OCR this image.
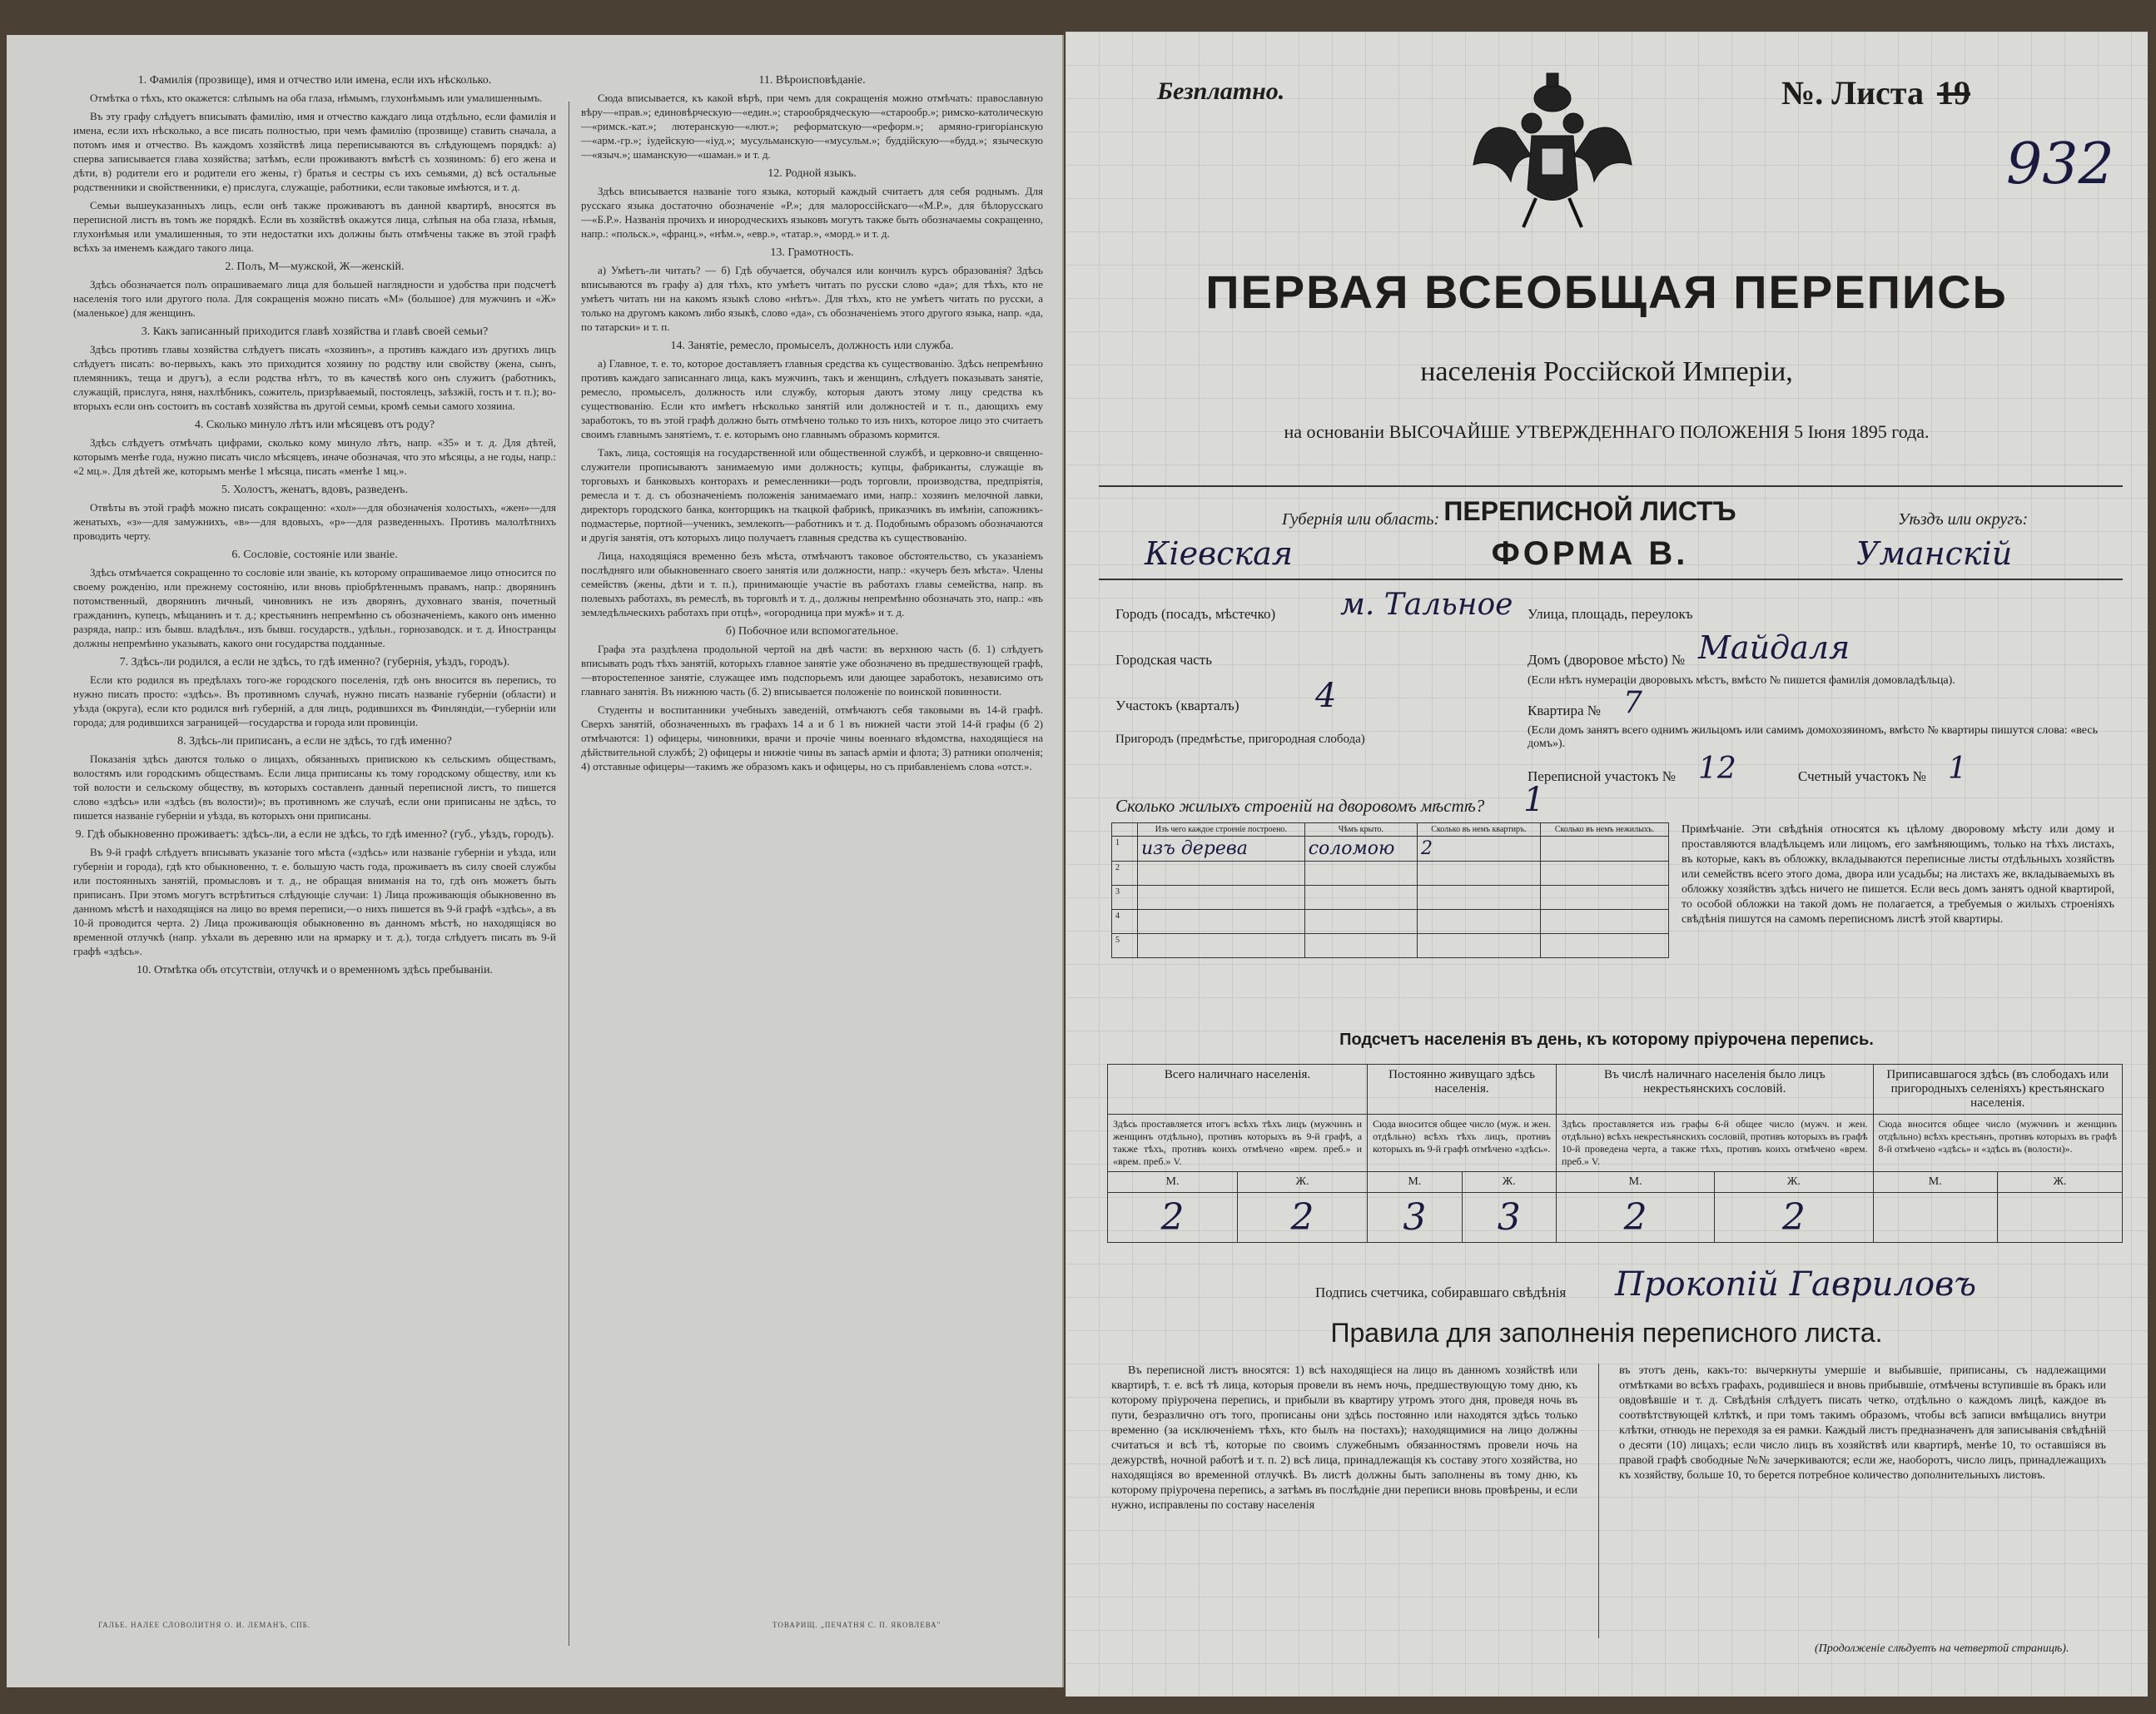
1. Фамилія (прозвище), имя и отчество или имена, если ихъ нѣсколько.

Отмѣтка о тѣхъ, кто окажется: слѣпымъ на оба глаза, нѣмымъ, глухонѣмымъ или умалишеннымъ.

Въ эту графу слѣдуетъ вписывать фамилію, имя и отчество каждаго лица отдѣльно, если фамилія и имена, если ихъ нѣсколько, а все писать полностью, при чемъ фамилію (прозвище) ставить сначала, а потомъ имя и отчество. Въ каждомъ хозяйствѣ лица переписываются въ слѣдующемъ порядкѣ: а) сперва записывается глава хозяйства; затѣмъ, если проживаютъ вмѣстѣ съ хозяиномъ: б) его жена и дѣти, в) родители его и родители его жены, г) братья и сестры съ ихъ семьями, д) всѣ остальные родственники и свойственники, е) прислуга, служащіе, работники, если таковые имѣются, и т. д.

Семьи вышеуказанныхъ лицъ, если онѣ также проживаютъ въ данной квартирѣ, вносятся въ переписной листъ въ томъ же порядкѣ. Если въ хозяйствѣ окажутся лица, слѣпыя на оба глаза, нѣмыя, глухонѣмыя или умалишенныя, то эти недостатки ихъ должны быть отмѣчены также въ этой графѣ всѣхъ за именемъ каждаго такого лица.

2. Полъ, М—мужской, Ж—женскій.

Здѣсь обозначается полъ опрашиваемаго лица для большей наглядности и удобства при подсчетѣ населенія того или другого пола. Для сокращенія можно писать «М» (большое) для мужчинъ и «Ж» (маленькое) для женщинъ.

3. Какъ записанный приходится главѣ хозяйства и главѣ своей семьи?

Здѣсь противъ главы хозяйства слѣдуетъ писать «хозяинъ», а противъ каждаго изъ другихъ лицъ слѣдуетъ писать: во-первыхъ, какъ это приходится хозяину по родству или свойству (жена, сынъ, племянникъ, теща и другъ), а если родства нѣтъ, то въ качествѣ кого онъ служитъ (работникъ, служащій, прислуга, няня, нахлѣбникъ, сожитель, призрѣваемый, постоялецъ, заѣзжій, гость и т. п.); во-вторыхъ если онъ состоитъ въ составѣ хозяйства въ другой семьи, кромѣ семьи самого хозяина.

4. Сколько минуло лѣтъ или мѣсяцевъ отъ роду?

Здѣсь слѣдуетъ отмѣчать цифрами, сколько кому минуло лѣтъ, напр. «35» и т. д. Для дѣтей, которымъ менѣе года, нужно писать число мѣсяцевъ, иначе обозначая, что это мѣсяцы, а не годы, напр.: «2 мц.». Для дѣтей же, которымъ менѣе 1 мѣсяца, писать «менѣе 1 мц.».

5. Холостъ, женатъ, вдовъ, разведенъ.

Отвѣты въ этой графѣ можно писать сокращенно: «хол»—для обозначенія холостыхъ, «жен»—для женатыхъ, «з»—для замужнихъ, «в»—для вдовыхъ, «р»—для разведенныхъ. Противъ малолѣтнихъ проводить черту.

6. Сословіе, состояніе или званіе.

Здѣсь отмѣчается сокращенно то сословіе или званіе, къ которому опрашиваемое лицо относится по своему рожденію, или прежнему состоянію, или вновь пріобрѣтеннымъ правамъ, напр.: дворянинъ потомственный, дворянинъ личный, чиновникъ не изъ дворянъ, духовнаго званія, почетный гражданинъ, купецъ, мѣщанинъ и т. д.; крестьянинъ непремѣнно съ обозначеніемъ, какого онъ именно разряда, напр.: изъ бывш. владѣльч., изъ бывш. государств., удѣльн., горнозаводск. и т. д. Иностранцы должны непремѣнно указывать, какого они государства подданные.

7. Здѣсь-ли родился, а если не здѣсь, то гдѣ именно? (губернія, уѣздъ, городъ).

Если кто родился въ предѣлахъ того-же городского поселенія, гдѣ онъ вносится въ перепись, то нужно писать просто: «здѣсь». Въ противномъ случаѣ, нужно писать названіе губерніи (области) и уѣзда (округа), если кто родился внѣ губерній, а для лицъ, родившихся въ Финляндіи,—губерніи или города; для родившихся заграницей—государства и города или провинціи.

8. Здѣсь-ли приписанъ, а если не здѣсь, то гдѣ именно?

Показанія здѣсь даются только о лицахъ, обязанныхъ припискою къ сельскимъ обществамъ, волостямъ или городскимъ обществамъ. Если лица приписаны къ тому городскому обществу, или къ той волости и сельскому обществу, въ которыхъ составленъ данный переписной листъ, то пишется слово «здѣсь» или «здѣсь (въ волости)»; въ противномъ же случаѣ, если они приписаны не здѣсь, то пишется названіе губерніи и уѣзда, въ которыхъ они приписаны.

9. Гдѣ обыкновенно проживаетъ: здѣсь-ли, а если не здѣсь, то гдѣ именно? (губ., уѣздъ, городъ).

Въ 9-й графѣ слѣдуетъ вписывать указаніе того мѣста («здѣсь» или названіе губерніи и уѣзда, или губерніи и города), гдѣ кто обыкновенно, т. е. большую часть года, проживаетъ въ силу своей службы или постоянныхъ занятій, промысловъ и т. д., не обращая вниманія на то, гдѣ онъ можетъ быть приписанъ. При этомъ могутъ встрѣтиться слѣдующіе случаи: 1) Лица проживающія обыкновенно въ данномъ мѣстѣ и находящіяся на лицо во время переписи,—о нихъ пишется въ 9-й графѣ «здѣсь», а въ 10-й проводится черта. 2) Лица проживающія обыкновенно въ данномъ мѣстѣ, но находящіяся во временной отлучкѣ (напр. уѣхали въ деревню или на ярмарку и т. д.), тогда слѣдуетъ писать въ 9-й графѣ «здѣсь».

10. Отмѣтка объ отсутствіи, отлучкѣ и о временномъ здѣсь пребываніи.
11. Вѣроисповѣданіе.

Сюда вписывается, къ какой вѣрѣ, при чемъ для сокращенія можно отмѣчать: православную вѣру—«прав.»; единовѣрческую—«един.»; старообрядческую—«старообр.»; римско-католическую—«римск.-кат.»; лютеранскую—«лют.»; реформатскую—«реформ.»; армяно-григоріанскую—«арм.-гр.»; іудейскую—«іуд.»; мусульманскую—«мусульм.»; буддійскую—«будд.»; языческую—«языч.»; шаманскую—«шаман.» и т. д.

12. Родной языкъ.

Здѣсь вписывается названіе того языка, который каждый считаетъ для себя роднымъ. Для русскаго языка достаточно обозначеніе «Р.»; для малороссійскаго—«М.Р.», для бѣлорусскаго—«Б.Р.». Названія прочихъ и инородческихъ языковъ могутъ также быть обозначаемы сокращенно, напр.: «польск.», «франц.», «нѣм.», «евр.», «татар.», «морд.» и т. д.

13. Грамотность.

а) Умѣетъ-ли читать? — б) Гдѣ обучается, обучался или кончилъ курсъ образованія? Здѣсь вписываются въ графу а) для тѣхъ, кто умѣетъ читать по русски слово «да»; для тѣхъ, кто не умѣетъ читать ни на какомъ языкѣ слово «нѣтъ». Для тѣхъ, кто не умѣетъ читать по русски, а только на другомъ какомъ либо языкѣ, слово «да», съ обозначеніемъ этого другого языка, напр. «да, по татарски» и т. п.

14. Занятіе, ремесло, промыселъ, должность или служба.

а) Главное, т. е. то, которое доставляетъ главныя средства къ существованію. Здѣсь непремѣнно противъ каждаго записаннаго лица, какъ мужчинъ, такъ и женщинъ, слѣдуетъ показывать занятіе, ремесло, промыселъ, должность или службу, которыя даютъ этому лицу средства къ существованію. Если кто имѣетъ нѣсколько занятій или должностей и т. п., дающихъ ему заработокъ, то въ этой графѣ должно быть отмѣчено только то изъ нихъ, которое лицо это считаетъ своимъ главнымъ занятіемъ, т. е. которымъ оно главнымъ образомъ кормится.

Такъ, лица, состоящія на государственной или общественной службѣ, и церковно-и священно-служители прописываютъ занимаемую ими должность; купцы, фабриканты, служащіе въ торговыхъ и банковыхъ конторахъ и ремесленники—родъ торговли, производства, предпріятія, ремесла и т. д. съ обозначеніемъ положенія занимаемаго ими, напр.: хозяинъ мелочной лавки, директоръ городского банка, конторщикъ на ткацкой фабрикѣ, приказчикъ въ имѣніи, сапожникъ-подмастерье, портной—ученикъ, землекопъ—работникъ и т. д. Подобнымъ образомъ обозначаются и другія занятія, отъ которыхъ лицо получаетъ главныя средства къ существованію.

Лица, находящіяся временно безъ мѣста, отмѣчаютъ таковое обстоятельство, съ указаніемъ послѣдняго или обыкновеннаго своего занятія или должности, напр.: «кучеръ безъ мѣста». Члены семействъ (жены, дѣти и т. п.), принимающіе участіе въ работахъ главы семейства, напр. въ полевыхъ работахъ, въ ремеслѣ, въ торговлѣ и т. д., должны непремѣнно обозначать это, напр.: «въ земледѣльческихъ работахъ при отцѣ», «огородница при мужѣ» и т. д.

б) Побочное или вспомогательное.

Графа эта раздѣлена продольной чертой на двѣ части: въ верхнюю часть (б. 1) слѣдуетъ вписывать родъ тѣхъ занятій, которыхъ главное занятіе уже обозначено въ предшествующей графѣ,—второстепенное занятіе, служащее имъ подспорьемъ или дающее заработокъ, независимо отъ главнаго занятія. Въ нижнюю часть (б. 2) вписывается положеніе по воинской повинности.

Студенты и воспитанники учебныхъ заведеній, отмѣчаютъ себя таковыми въ 14-й графѣ. Сверхъ занятій, обозначенныхъ въ графахъ 14 а и б 1 въ нижней части этой 14-й графы (б 2) отмѣчаются: 1) офицеры, чиновники, врачи и прочіе чины военнаго вѣдомства, находящіеся на дѣйствительной службѣ; 2) офицеры и нижніе чины въ запасѣ арміи и флота; 3) ратники ополченія; 4) отставные офицеры—такимъ же образомъ какъ и офицеры, но съ прибавленіемъ слова «отст.».

ГАЛЬЕ. НАЛЕЕ СЛОВОЛИТНЯ О. И. ЛЕМАНЪ, СПБ.	ТОВАРИЩ. „ПЕЧАТНЯ С. П. ЯКОВЛЕВА"
Безплатно.	№. Листа 19
932
ПЕРВАЯ ВСЕОБЩАЯ ПЕРЕПИСЬ
населенія Россійской Имперіи,
на основаніи ВЫСОЧАЙШЕ УТВЕРЖДЕННАГО ПОЛОЖЕНІЯ 5 Іюня 1895 года.
Губернія или область:
Кіевская
ПЕРЕПИСНОЙ ЛИСТЪ
ФОРМА В.
Уѣздъ или округъ:
Уманскій
Городъ (посадъ, мѣстечко) м. Тальное Улица, площадь, переулокъ
Городская часть	Домъ (дворовое мѣсто) № Майдаля
(Если нѣтъ нумераціи дворовыхъ мѣстъ, вмѣсто № пишется фамилія домовладѣльца).
Участокъ (кварталъ) 4	Квартира № 7
(Если домъ занятъ всего однимъ жильцомъ или самимъ домохозяиномъ, вмѣсто № квартиры пишутся слова: «весь домъ»).
Пригородъ (предмѣстье, пригородная слобода)
Переписной участокъ № 12	Счетный участокъ № 1
Сколько жилыхъ строеній на дворовомъ мѣстѣ? 1
	Изъ чего каждое строеніе построено.	Чѣмъ крыто.	Сколько въ немъ квартиръ.	Сколько въ немъ нежилыхъ.
1	изъ дерева	соломою	2	
2				
3				
4				
5				
Примѣчаніе. Эти свѣдѣнія относятся къ цѣлому дворовому мѣсту или дому и проставляются владѣльцемъ или лицомъ, его замѣняющимъ, только на тѣхъ листахъ, въ которые, какъ въ обложку, вкладываются переписные листы отдѣльныхъ хозяйствъ или семействъ всего этого дома, двора или усадьбы; на листахъ же, вкладываемыхъ въ обложку хозяйствъ здѣсь ничего не пишется. Если весь домъ занятъ одной квартирой, то особой обложки на такой домъ не полагается, а требуемыя о жилыхъ строеніяхъ свѣдѣнія пишутся на самомъ переписномъ листѣ этой квартиры.
Подсчетъ населенія въ день, къ которому пріурочена перепись.
Всего наличнаго населенія.		Постоянно живущаго здѣсь населенія.		Въ числѣ наличнаго населенія было лицъ некрестьянскихъ сословій.		Приписавшагося здѣсь (въ слободахъ или пригородныхъ селеніяхъ) крестьянскаго населенія.	
Здѣсь проставляется итогъ всѣхъ тѣхъ лицъ (мужчинъ и женщинъ отдѣльно), противъ которыхъ въ 9-й графѣ, а также тѣхъ, противъ коихъ отмѣчено «врем. преб.» и «врем. преб.» V.		Сюда вносится общее число (муж. и жен. отдѣльно) всѣхъ тѣхъ лицъ, противъ которыхъ въ 9-й графѣ отмѣчено «здѣсь».		Здѣсь проставляется изъ графы 6-й общее число (мужч. и жен. отдѣльно) всѣхъ некрестьянскихъ сословій, противъ которыхъ въ графѣ 10-й проведена черта, а также тѣхъ, противъ коихъ отмѣчено «врем. преб.» V.		Сюда вносится общее число (мужчинъ и женщинъ отдѣльно) всѣхъ крестьянъ, противъ которыхъ въ графѣ 8-й отмѣчено «здѣсь» и «здѣсь въ (волости)».	
М.	Ж.	М.	Ж.	М.	Ж.	М.	Ж.
2	2	3	3	2	2		
Подпись счетчика, собиравшаго свѣдѣнія Прокопій Гавриловъ
Правила для заполненія переписного листа.
Въ переписной листъ вносятся: 1) всѣ находящіеся на лицо въ данномъ хозяйствѣ или квартирѣ, т. е. всѣ тѣ лица, которыя провели въ немъ ночь, предшествующую тому дню, къ которому пріурочена перепись, и прибыли въ квартиру утромъ этого дня, проведя ночь въ пути, безразлично отъ того, прописаны они здѣсь постоянно или находятся здѣсь только временно (за исключеніемъ тѣхъ, кто былъ на постахъ); находящимися на лицо должны считаться и всѣ тѣ, которые по своимъ служебнымъ обязанностямъ провели ночь на дежурствѣ, ночной работѣ и т. п. 2) всѣ лица, принадлежащія къ составу этого хозяйства, но находящіяся во временной отлучкѣ. Въ листѣ должны быть заполнены въ тому дню, къ которому пріурочена перепись, а затѣмъ въ послѣдніе дни переписи вновь провѣрены, и если нужно, исправлены по составу населенія
въ этотъ день, какъ-то: вычеркнуты умершіе и выбывшіе, приписаны, съ надлежащими отмѣтками во всѣхъ графахъ, родившіеся и вновь прибывшіе, отмѣчены вступившіе въ бракъ или овдовѣвшіе и т. д. Свѣдѣнія слѣдуетъ писать четко, отдѣльно о каждомъ лицѣ, каждое въ соотвѣтствующей клѣткѣ, и при томъ такимъ образомъ, чтобы всѣ записи вмѣщались внутри клѣтки, отнюдь не переходя за ея рамки. Каждый листъ предназначенъ для записыванія свѣдѣній о десяти (10) лицахъ; если число лицъ въ хозяйствѣ или квартирѣ, менѣе 10, то оставшіяся въ правой графѣ свободные №№ зачеркиваются; если же, наоборотъ, число лицъ, принадлежащихъ къ хозяйству, больше 10, то берется потребное количество дополнительныхъ листовъ.
(Продолженіе слѣдуетъ на четвертой страницѣ).
